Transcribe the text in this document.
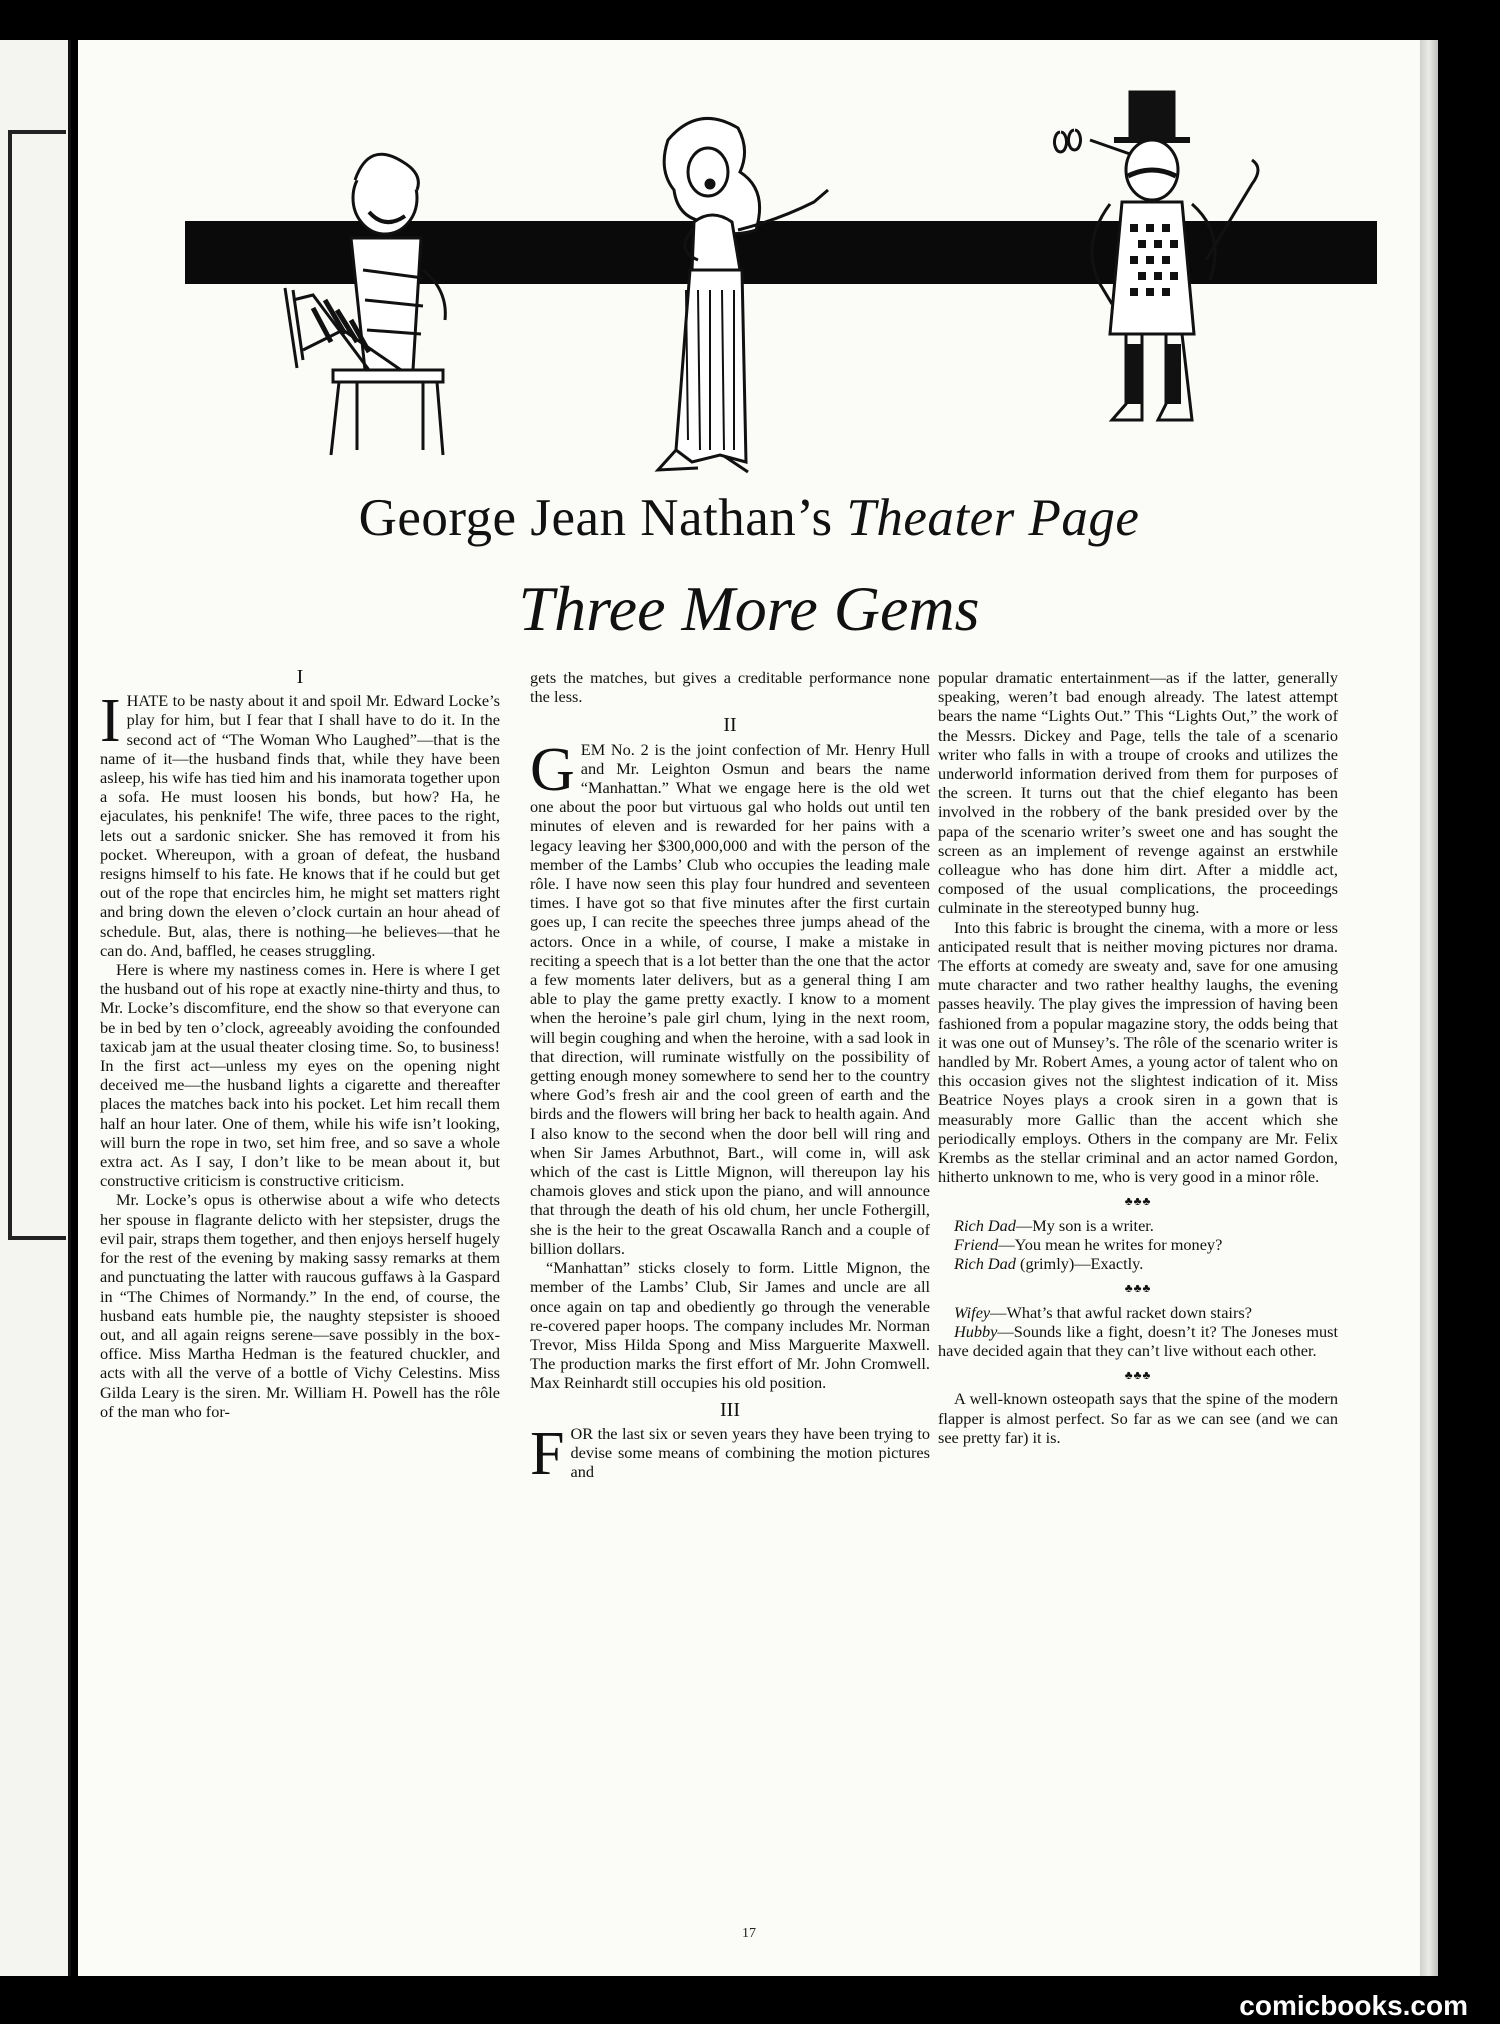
George Jean Nathan’s Theater Page
Three More Gems
I

IHATE to be nasty about it and spoil Mr. Edward Locke’s play for him, but I fear that I shall have to do it. In the second act of “The Woman Who Laughed”—that is the name of it—the husband finds that, while they have been asleep, his wife has tied him and his inamorata together upon a sofa. He must loosen his bonds, but how? Ha, he ejaculates, his penknife! The wife, three paces to the right, lets out a sardonic snicker. She has removed it from his pocket. Whereupon, with a groan of defeat, the husband resigns himself to his fate. He knows that if he could but get out of the rope that encircles him, he might set matters right and bring down the eleven o’clock curtain an hour ahead of schedule. But, alas, there is nothing—he believes—that he can do. And, baffled, he ceases struggling.

Here is where my nastiness comes in. Here is where I get the husband out of his rope at exactly nine-thirty and thus, to Mr. Locke’s discomfiture, end the show so that everyone can be in bed by ten o’clock, agreeably avoiding the confounded taxicab jam at the usual theater closing time. So, to business! In the first act—unless my eyes on the opening night deceived me—the husband lights a cigarette and thereafter places the matches back into his pocket. Let him recall them half an hour later. One of them, while his wife isn’t looking, will burn the rope in two, set him free, and so save a whole extra act. As I say, I don’t like to be mean about it, but constructive criticism is constructive criticism.

Mr. Locke’s opus is otherwise about a wife who detects her spouse in flagrante delicto with her stepsister, drugs the evil pair, straps them together, and then enjoys herself hugely for the rest of the evening by making sassy remarks at them and punctuating the latter with raucous guffaws à la Gaspard in “The Chimes of Normandy.” In the end, of course, the husband eats humble pie, the naughty stepsister is shooed out, and all again reigns serene—save possibly in the box-office. Miss Martha Hedman is the featured chuckler, and acts with all the verve of a bottle of Vichy Celestins. Miss Gilda Leary is the siren. Mr. William H. Powell has the rôle of the man who for-

gets the matches, but gives a creditable performance none the less.

II

GEM No. 2 is the joint confection of Mr. Henry Hull and Mr. Leighton Osmun and bears the name “Manhattan.” What we engage here is the old wet one about the poor but virtuous gal who holds out until ten minutes of eleven and is rewarded for her pains with a legacy leaving her $300,000,000 and with the person of the member of the Lambs’ Club who occupies the leading male rôle. I have now seen this play four hundred and seventeen times. I have got so that five minutes after the first curtain goes up, I can recite the speeches three jumps ahead of the actors. Once in a while, of course, I make a mistake in reciting a speech that is a lot better than the one that the actor a few moments later delivers, but as a general thing I am able to play the game pretty exactly. I know to a moment when the heroine’s pale girl chum, lying in the next room, will begin coughing and when the heroine, with a sad look in that direction, will ruminate wistfully on the possibility of getting enough money somewhere to send her to the country where God’s fresh air and the cool green of earth and the birds and the flowers will bring her back to health again. And I also know to the second when the door bell will ring and when Sir James Arbuthnot, Bart., will come in, will ask which of the cast is Little Mignon, will thereupon lay his chamois gloves and stick upon the piano, and will announce that through the death of his old chum, her uncle Fothergill, she is the heir to the great Oscawalla Ranch and a couple of billion dollars.

“Manhattan” sticks closely to form. Little Mignon, the member of the Lambs’ Club, Sir James and uncle are all once again on tap and obediently go through the venerable re-covered paper hoops. The company includes Mr. Norman Trevor, Miss Hilda Spong and Miss Marguerite Maxwell. The production marks the first effort of Mr. John Cromwell. Max Reinhardt still occupies his old position.

III

FOR the last six or seven years they have been trying to devise some means of combining the motion pictures and

popular dramatic entertainment—as if the latter, generally speaking, weren’t bad enough already. The latest attempt bears the name “Lights Out.” This “Lights Out,” the work of the Messrs. Dickey and Page, tells the tale of a scenario writer who falls in with a troupe of crooks and utilizes the underworld information derived from them for purposes of the screen. It turns out that the chief eleganto has been involved in the robbery of the bank presided over by the papa of the scenario writer’s sweet one and has sought the screen as an implement of revenge against an erstwhile colleague who has done him dirt. After a middle act, composed of the usual complications, the proceedings culminate in the stereotyped bunny hug.

Into this fabric is brought the cinema, with a more or less anticipated result that is neither moving pictures nor drama. The efforts at comedy are sweaty and, save for one amusing mute character and two rather healthy laughs, the evening passes heavily. The play gives the impression of having been fashioned from a popular magazine story, the odds being that it was one out of Munsey’s. The rôle of the scenario writer is handled by Mr. Robert Ames, a young actor of talent who on this occasion gives not the slightest indication of it. Miss Beatrice Noyes plays a crook siren in a gown that is measurably more Gallic than the accent which she periodically employs. Others in the company are Mr. Felix Krembs as the stellar criminal and an actor named Gordon, hitherto unknown to me, who is very good in a minor rôle.

♣♣♣

Rich Dad—My son is a writer.

Friend—You mean he writes for money?

Rich Dad (grimly)—Exactly.

♣♣♣

Wifey—What’s that awful racket down stairs?

Hubby—Sounds like a fight, doesn’t it? The Joneses must have decided again that they can’t live without each other.

♣♣♣

A well-known osteopath says that the spine of the modern flapper is almost perfect. So far as we can see (and we can see pretty far) it is.

17
comicbooks.com
